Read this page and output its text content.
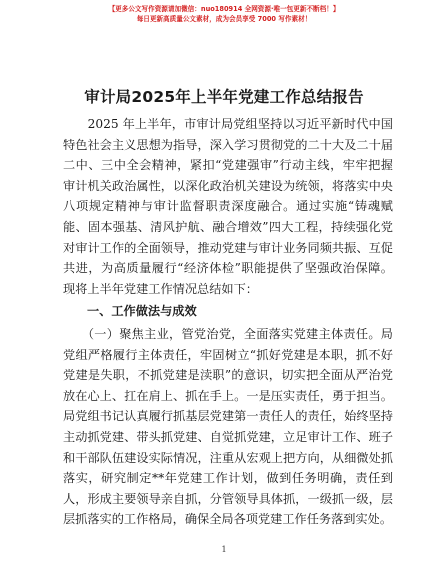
【更多公文写作资源请加微信：nuo180914 全网资源·唯一包更新不断档！】
每日更新高质量公文素材，成为会员享受 7000 写作素材！
审计局2025年上半年党建工作总结报告
　　2025 年上半年，市审计局党组坚持以习近平新时代中国
特色社会主义思想为指导，深入学习贯彻党的二十大及二十届
二中、三中全会精神，紧扣“党建强审”行动主线，牢牢把握
审计机关政治属性，以深化政治机关建设为统领，将落实中央
八项规定精神与审计监督职责深度融合。通过实施“铸魂赋
能、固本强基、清风护航、融合增效”四大工程，持续强化党
对审计工作的全面领导，推动党建与审计业务同频共振、互促
共进，为高质量履行“经济体检”职能提供了坚强政治保障。
现将上半年党建工作情况总结如下：
一、工作做法与成效
　　（一）聚焦主业，管党治党，全面落实党建主体责任。局
党组严格履行主体责任，牢固树立“抓好党建是本职，抓不好
党建是失职，不抓党建是渎职”的意识，切实把全面从严治党
放在心上、扛在肩上、抓在手上。一是压实责任，勇于担当。
局党组书记认真履行抓基层党建第一责任人的责任，始终坚持
主动抓党建、带头抓党建、自觉抓党建，立足审计工作、班子
和干部队伍建设实际情况，注重从宏观上把方向，从细微处抓
落实，研究制定**年党建工作计划，做到任务明确，责任到
人，形成主要领导亲自抓，分管领导具体抓，一级抓一级，层
层抓落实的工作格局，确保全局各项党建工作任务落到实处。
1
